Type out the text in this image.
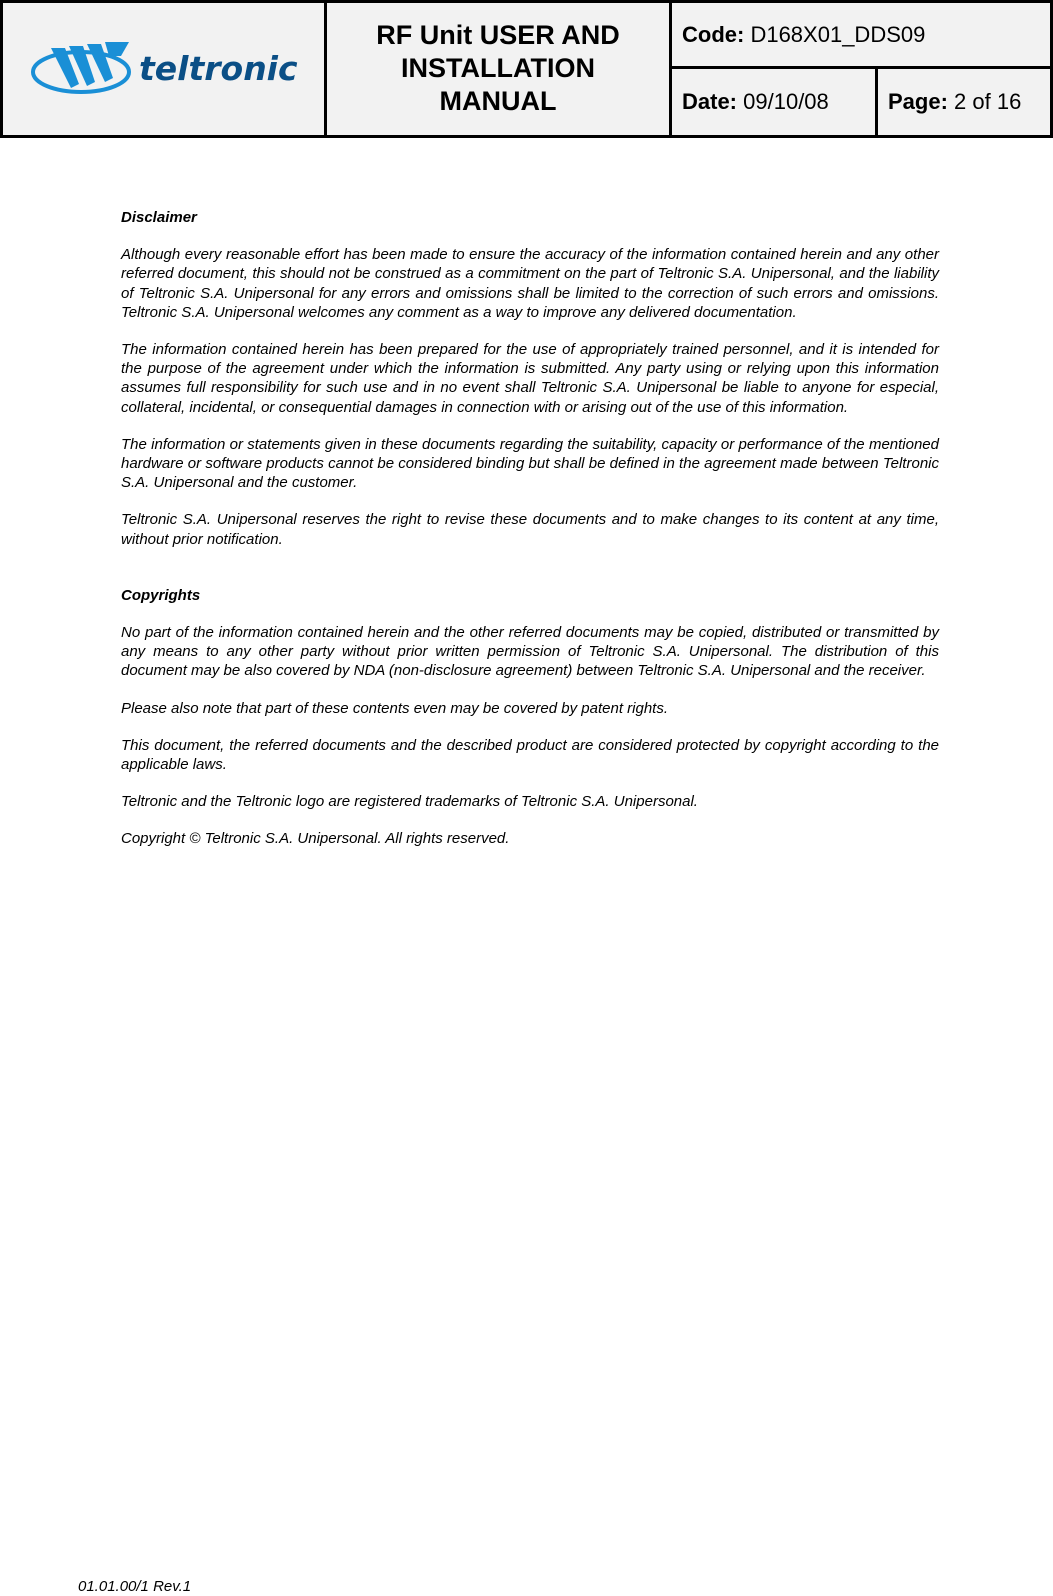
teltronic
RF Unit USER AND INSTALLATION MANUAL
Code:
D168X01_DDS09
Date:
09/10/08	Page:
2 of 16
Disclaimer

Although every reasonable effort has been made to ensure the accuracy of the information contained herein and any other referred document, this should not be construed as a commitment on the part of Teltronic S.A. Unipersonal, and the liability of Teltronic S.A. Unipersonal for any errors and omissions shall be limited to the correction of such errors and omissions. Teltronic S.A. Unipersonal welcomes any comment as a way to improve any delivered documentation.

The information contained herein has been prepared for the use of appropriately trained personnel, and it is intended for the purpose of the agreement under which the information is submitted. Any party using or relying upon this information assumes full responsibility for such use and in no event shall Teltronic S.A. Unipersonal be liable to anyone for especial, collateral, incidental, or consequential damages in connection with or arising out of the use of this information.

The information or statements given in these documents regarding the suitability, capacity or performance of the mentioned hardware or software products cannot be considered binding but shall be defined in the agreement made between Teltronic S.A. Unipersonal and the customer.

Teltronic S.A. Unipersonal reserves the right to revise these documents and to make changes to its content at any time, without prior notification.

Copyrights

No part of the information contained herein and the other referred documents may be copied, distributed or transmitted by any means to any other party without prior written permission of Teltronic S.A. Unipersonal. The distribution of this document may be also covered by NDA (non-disclosure agreement) between Teltronic S.A. Unipersonal and the receiver.

Please also note that part of these contents even may be covered by patent rights.

This document, the referred documents and the described product are considered protected by copyright according to the applicable laws.

Teltronic and the Teltronic logo are registered trademarks of Teltronic S.A. Unipersonal.

Copyright © Teltronic S.A. Unipersonal. All rights reserved.

01.01.00/1 Rev.1
